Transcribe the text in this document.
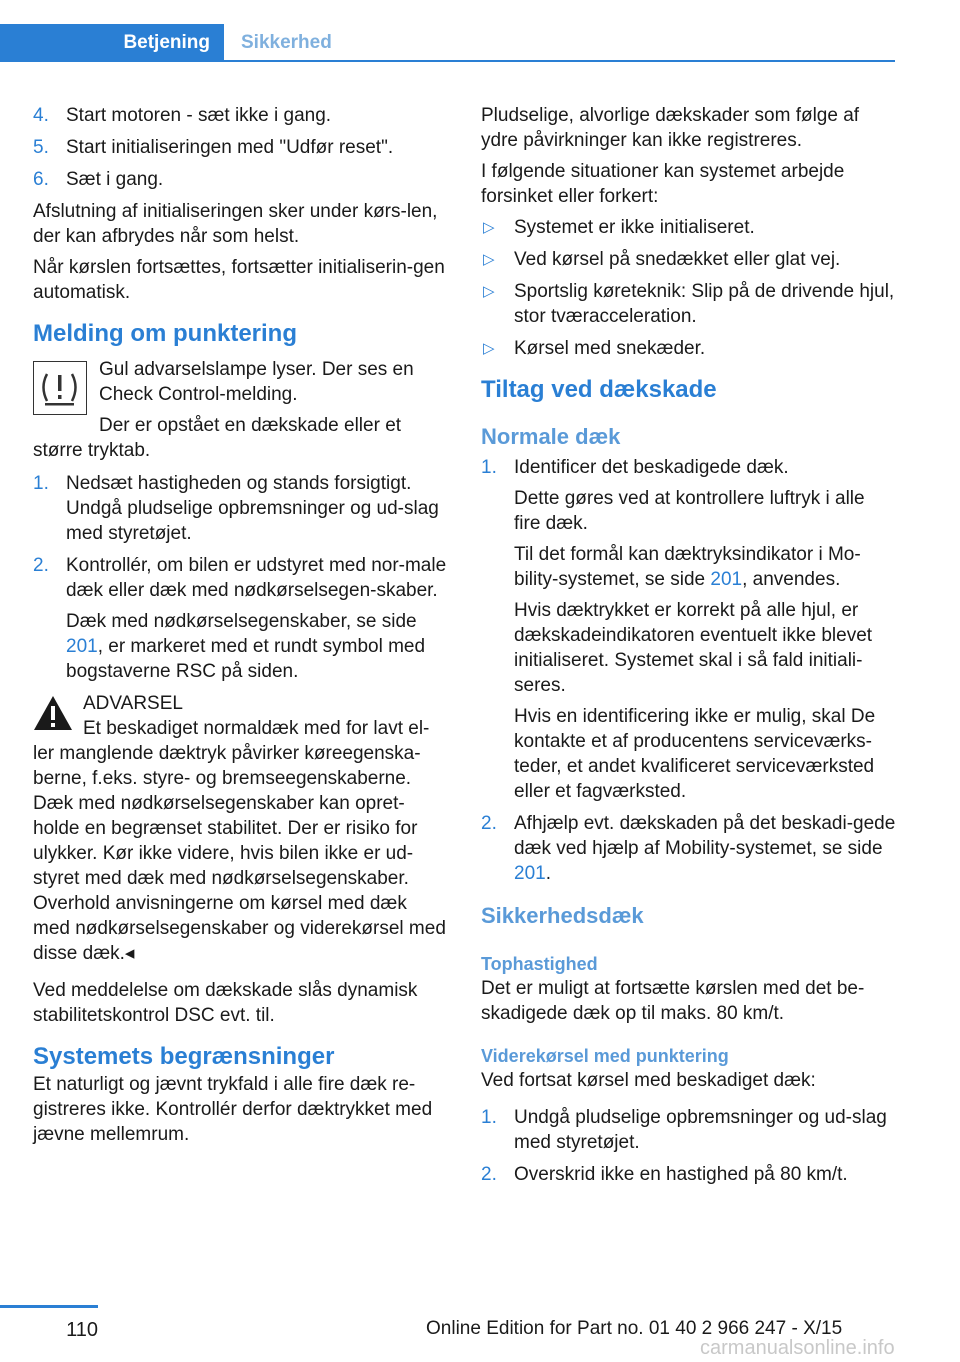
Betjening	Sikkerhed
4. Start motoren - sæt ikke i gang.
5. Start initialiseringen med "Udfør reset".
6. Sæt i gang.

Afslutning af initialiseringen sker under kørs-len, der kan afbrydes når som helst.

Når kørslen fortsættes, fortsætter initialiserin-gen automatisk.

Melding om punktering

Gul advarselslampe lyser. Der ses en Check Control-melding.

Der er opstået en dækskade eller et større tryktab.

1. Nedsæt hastigheden og stands forsigtigt. Undgå pludselige opbremsninger og ud-slag med styretøjet.
2. Kontrollér, om bilen er udstyret med nor-male dæk eller dæk med nødkørselsegen-skaber.
Dæk med nødkørselsegenskaber, se side 201, er markeret med et rundt symbol med bogstaverne RSC på siden.

ADVARSEL

Et beskadiget normaldæk med for lavt el-ler manglende dæktryk påvirker køreegenska-berne, f.eks. styre- og bremseegenskaberne. Dæk med nødkørselsegenskaber kan opret-holde en begrænset stabilitet. Der er risiko for ulykker. Kør ikke videre, hvis bilen ikke er ud-styret med dæk med nødkørselsegenskaber. Overhold anvisningerne om kørsel med dæk med nødkørselsegenskaber og viderekørsel med disse dæk.◂

Ved meddelelse om dækskade slås dynamisk stabilitetskontrol DSC evt. til.

Systemets begrænsninger

Et naturligt og jævnt trykfald i alle fire dæk re-gistreres ikke. Kontrollér derfor dæktrykket med jævne mellemrum.

Pludselige, alvorlige dækskader som følge af ydre påvirkninger kan ikke registreres.

I følgende situationer kan systemet arbejde forsinket eller forkert:

▷ Systemet er ikke initialiseret.
▷ Ved kørsel på snedækket eller glat vej.
▷ Sportslig køreteknik: Slip på de drivende hjul, stor tværacceleration.
▷ Kørsel med snekæder.
Tiltag ved dækskade
Normale dæk
1. Identificer det beskadigede dæk.
Dette gøres ved at kontrollere luftryk i alle fire dæk.
Til det formål kan dæktryksindikator i Mo-bility-systemet, se side 201, anvendes.
Hvis dæktrykket er korrekt på alle hjul, er dækskadeindikatoren eventuelt ikke blevet initialiseret. Systemet skal i så fald initiali-seres.
Hvis en identificering ikke er mulig, skal De kontakte et af producentens serviceværks-teder, et andet kvalificeret serviceværksted eller et fagværksted.
2. Afhjælp evt. dækskaden på det beskadi-gede dæk ved hjælp af Mobility-systemet, se side 201.
Sikkerhedsdæk
Tophastighed

Det er muligt at fortsætte kørslen med det be-skadigede dæk op til maks. 80 km/t.

Viderekørsel med punktering

Ved fortsat kørsel med beskadiget dæk:

1. Undgå pludselige opbremsninger og ud-slag med styretøjet.
2. Overskrid ikke en hastighed på 80 km/t.
110	Online Edition for Part no. 01 40 2 966 247 - X/15
carmanualsonline.info
